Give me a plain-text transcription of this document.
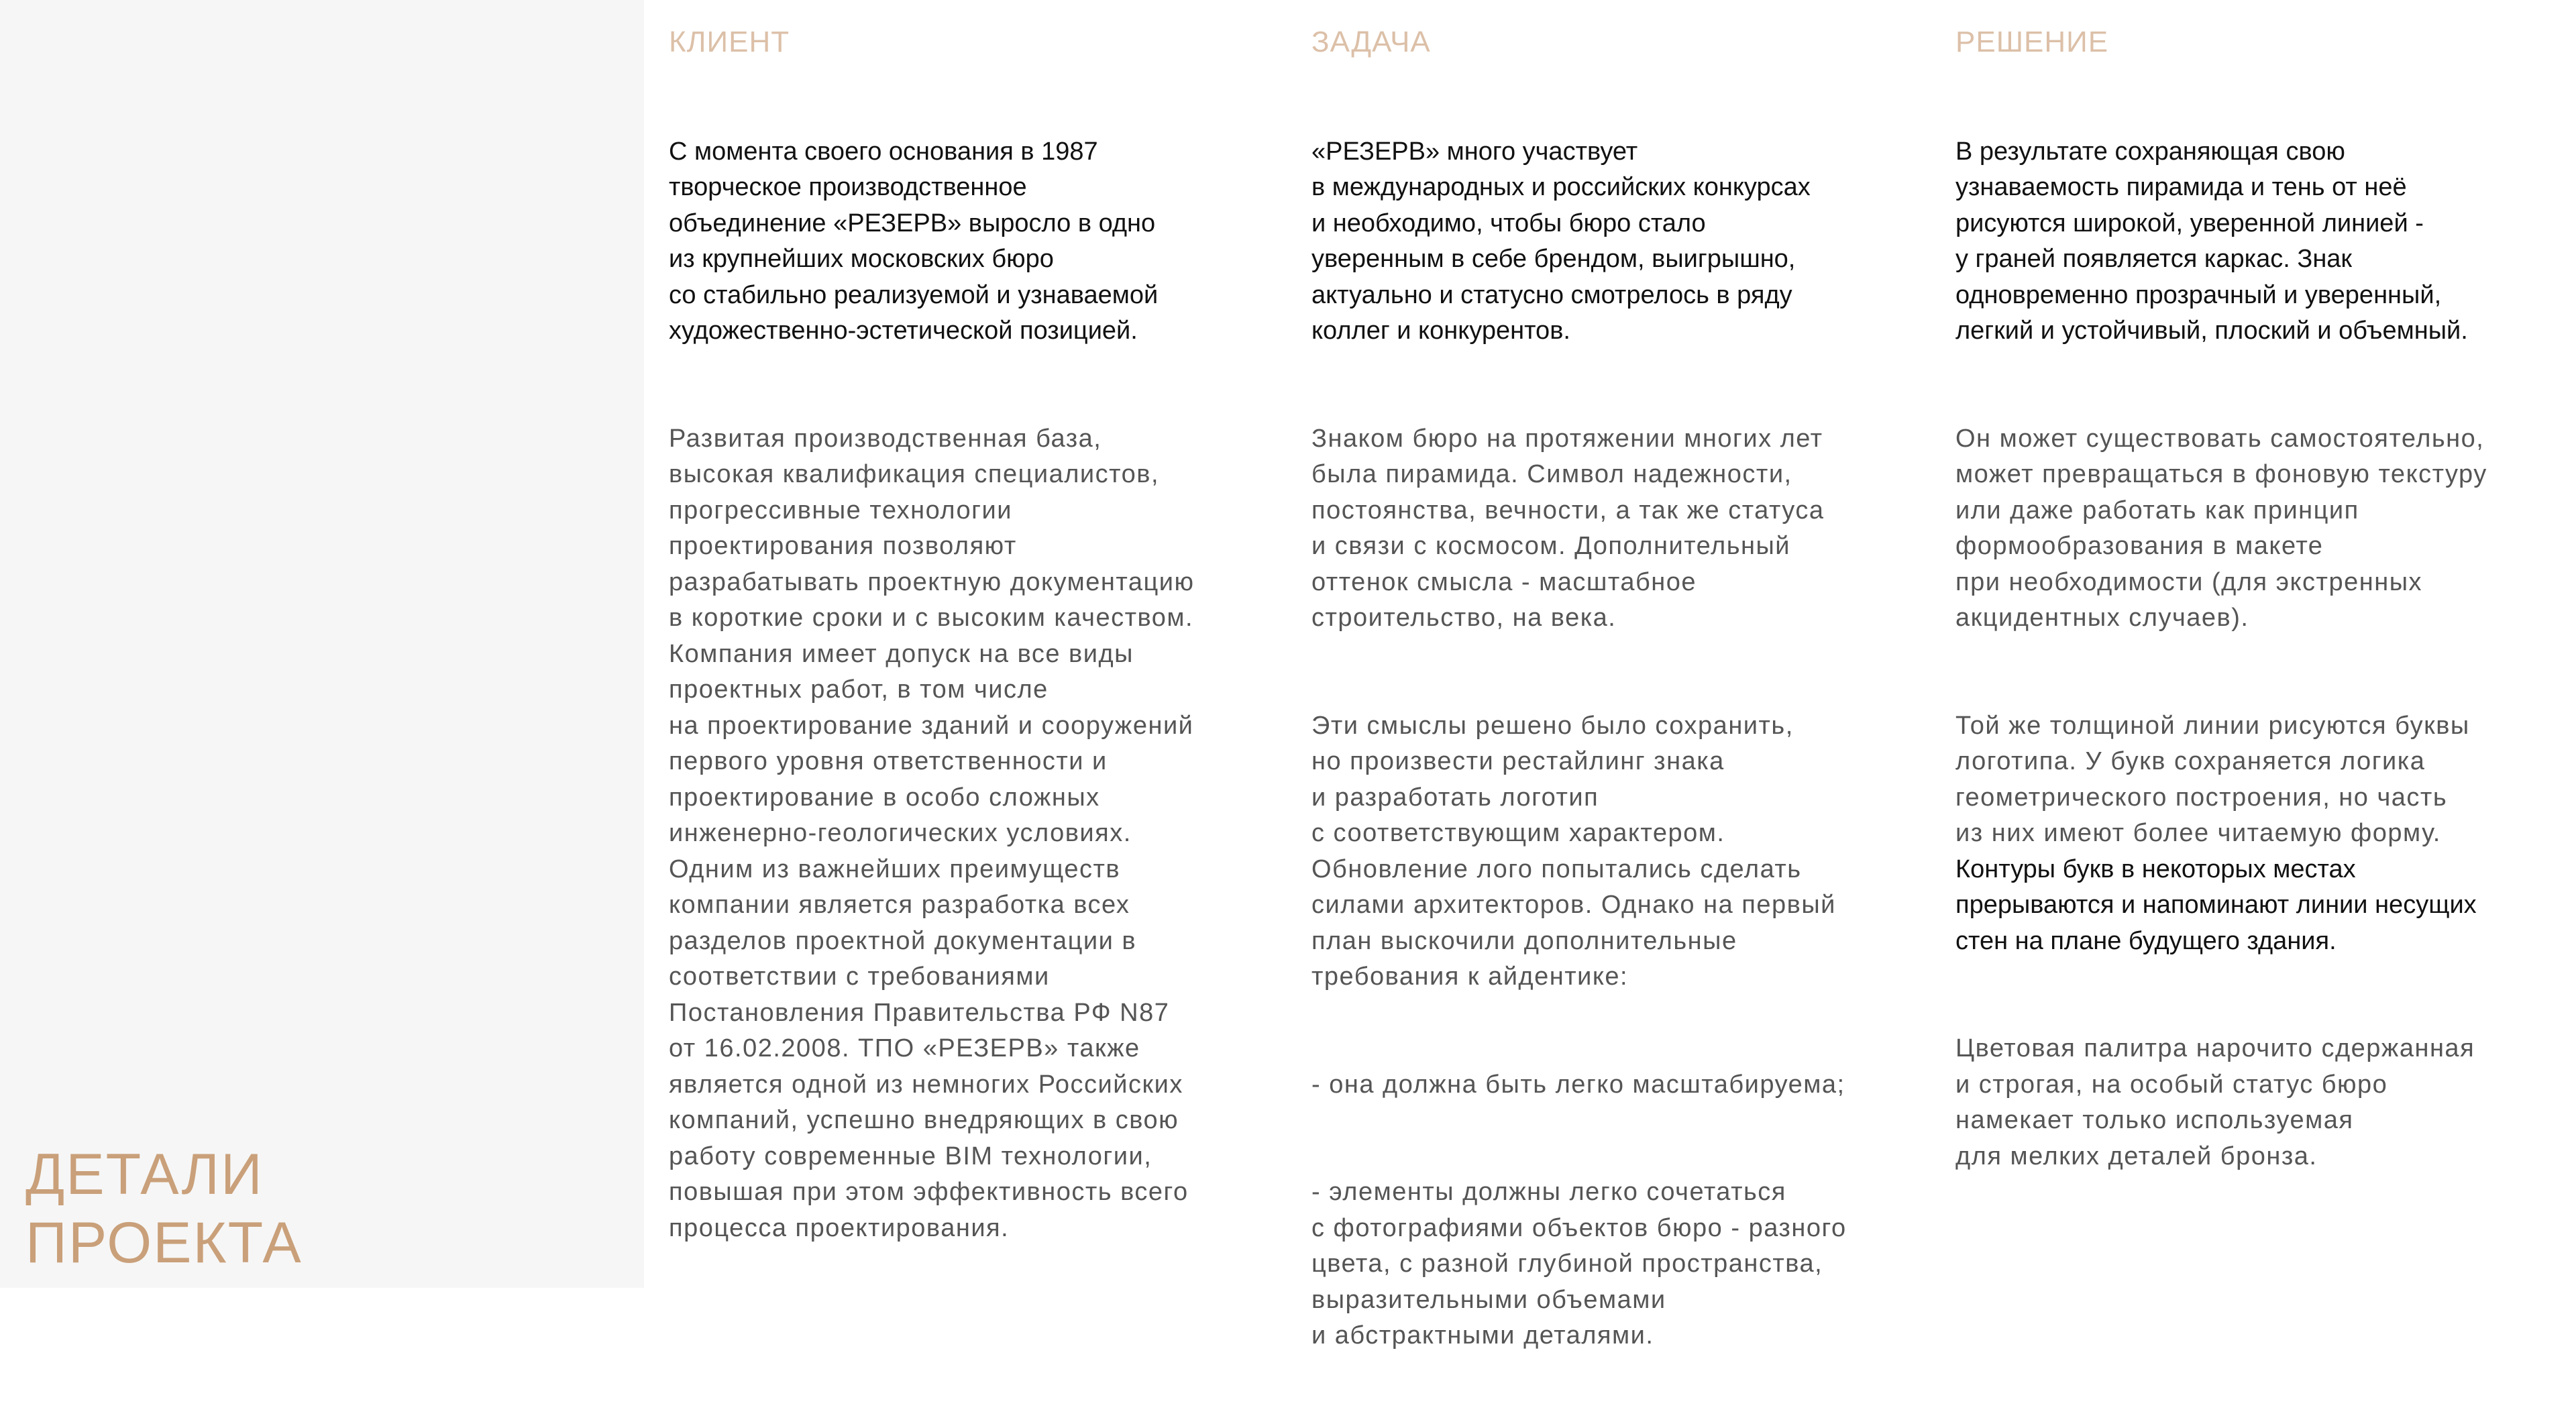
ДЕТАЛИ
ПРОЕКТА
КЛИЕНТ

С момента своего основания в 1987
творческое производственное
объединение «РЕЗЕРВ» выросло в одно
из крупнейших московских бюро
со стабильно реализуемой и узнаваемой
художественно-эстетической позицией.

Развитая производственная база,
высокая квалификация специалистов,
прогрессивные технологии
проектирования позволяют
разрабатывать проектную документацию
в короткие сроки и с высоким качеством.
Компания имеет допуск на все виды
проектных работ, в том числе
на проектирование зданий и сооружений
первого уровня ответственности и
проектирование в особо сложных
инженерно-геологических условиях.
Одним из важнейших преимуществ
компании является разработка всех
разделов проектной документации в
соответствии с требованиями
Постановления Правительства РФ N87
от 16.02.2008. ТПО «РЕЗЕРВ» также
является одной из немногих Российских
компаний, успешно внедряющих в свою
работу современные BIM технологии,
повышая при этом эффективность всего
процесса проектирования.

ЗАДАЧА

«РЕЗЕРВ» много участвует
в международных и российских конкурсах
и необходимо, чтобы бюро стало
уверенным в себе брендом, выигрышно,
актуально и статусно смотрелось в ряду
коллег и конкурентов.

Знаком бюро на протяжении многих лет
была пирамида. Символ надежности,
постоянства, вечности, а так же статуса
и связи с космосом. Дополнительный
оттенок смысла - масштабное
строительство, на века.

Эти смыслы решено было сохранить,
но произвести рестайлинг знака
и разработать логотип
с соответствующим характером.
Обновление лого попытались сделать
силами архитекторов. Однако на первый
план выскочили дополнительные
требования к айдентике:

- она должна быть легко масштабируема;

- элементы должны легко сочетаться
с фотографиями объектов бюро - разного
цвета, с разной глубиной пространства,
выразительными объемами
и абстрактными деталями.

РЕШЕНИЕ

В результате сохраняющая свою
узнаваемость пирамида и тень от неё
рисуются широкой, уверенной линией -
у граней появляется каркас. Знак
одновременно прозрачный и уверенный,
легкий и устойчивый, плоский и объемный.

Он может существовать самостоятельно,
может превращаться в фоновую текстуру
или даже работать как принцип
формообразования в макете
при необходимости (для экстренных
акцидентных случаев).

Той же толщиной линии рисуются буквы
логотипа. У букв сохраняется логика
геометрического построения, но часть
из них имеют более читаемую форму.
Контуры букв в некоторых местах
прерываются и напоминают линии несущих
стен на плане будущего здания.

Цветовая палитра нарочито сдержанная
и строгая, на особый статус бюро
намекает только используемая
для мелких деталей бронза.
